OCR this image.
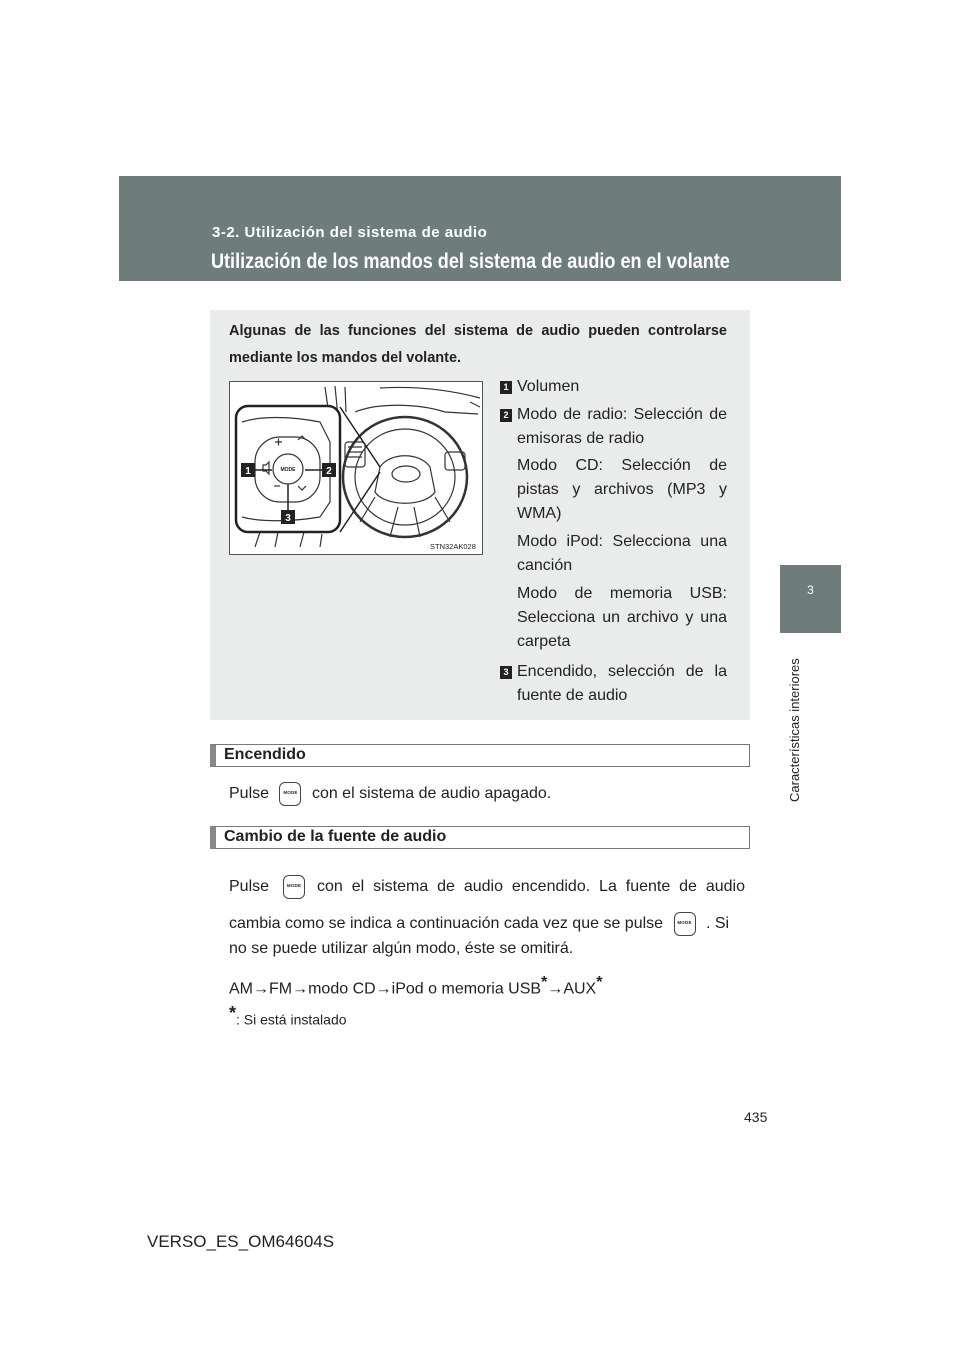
3-2. Utilización del sistema de audio
Utilización de los mandos del sistema de audio en el volante
3
Características interiores
Algunas de las funciones del sistema de audio pueden controlarse mediante los mandos del volante.
MODE
1	2
3
STN32AK028
1 Volumen
2 Modo de radio: Selección de emisoras de radio
Modo CD: Selección de pistas y archivos (MP3 y WMA)
Modo iPod: Selecciona una canción
Modo de memoria USB: Selecciona un archivo y una carpeta
3 Encendido, selección de la fuente de audio
Encendido
Pulse	MODE con el sistema de audio apagado.
Cambio de la fuente de audio
Pulse	MODE con el sistema de audio encendido. La fuente de audio
cambia como se indica a continuación cada vez que se pulse	MODE . Si
no se puede utilizar algún modo, éste se omitirá.
AM→FM→modo CD→iPod o memoria USB*→AUX*
*: Si está instalado
435
VERSO_ES_OM64604S
